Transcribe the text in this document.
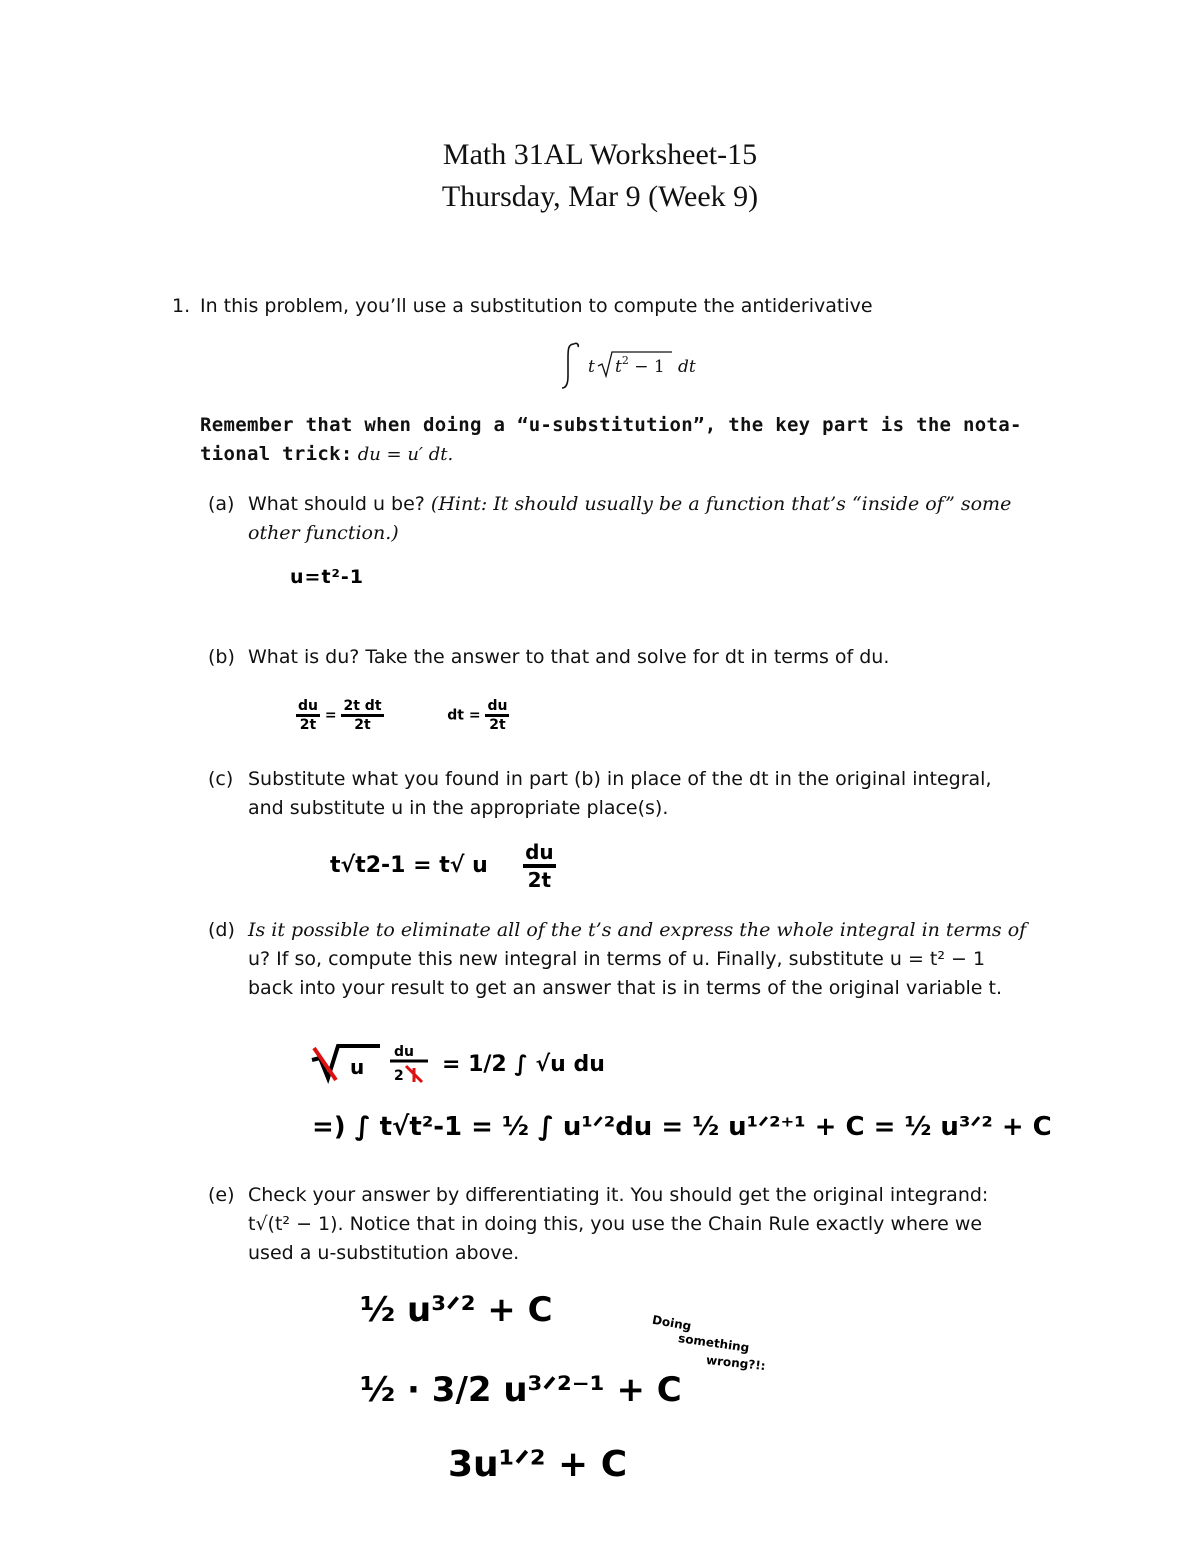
Math 31AL Worksheet-15
Thursday, Mar 9 (Week 9)
1. In this problem, you’ll use a substitution to compute the antiderivative
t $t^2 - 1$ dt
Remember that when doing a “u-substitution”, the key part is the nota-
tional trick: du = u′ dt.
(a) What should u be? (Hint: It should usually be a function that’s “inside of” some
other function.)
u=t²-1
(b) What is du? Take the answer to that and solve for dt in terms of du.
$\frac{du}{2t} = \frac{\text{2t dt}}{2t}$	dt = $\frac{du}{2t}$
(c) Substitute what you found in part (b) in place of the dt in the original integral,
and substitute u in the appropriate place(s).
t√t2-1 = t√ u $\frac{du}{2t}$
(d) Is it possible to eliminate all of the t’s and express the whole integral in terms of
u? If so, compute this new integral in terms of u. Finally, substitute u = t² − 1
back into your result to get an answer that is in terms of the original variable t.
u
du
2 = 1/2 ∫ √u du
=) ∫ t√t²-1 = ½ ∫ u¹ᐟ²du = ½ u¹ᐟ²⁺¹ + C = ½ u³ᐟ² + C
(e) Check your answer by differentiating it. You should get the original integrand:
t√(t² − 1). Notice that in doing this, you use the Chain Rule exactly where we
used a u-substitution above.
½ u³ᐟ² + C
½ · 3/2 u³ᐟ²⁻¹ + C
3u¹ᐟ² + C
Doing
something
wrong?!:
